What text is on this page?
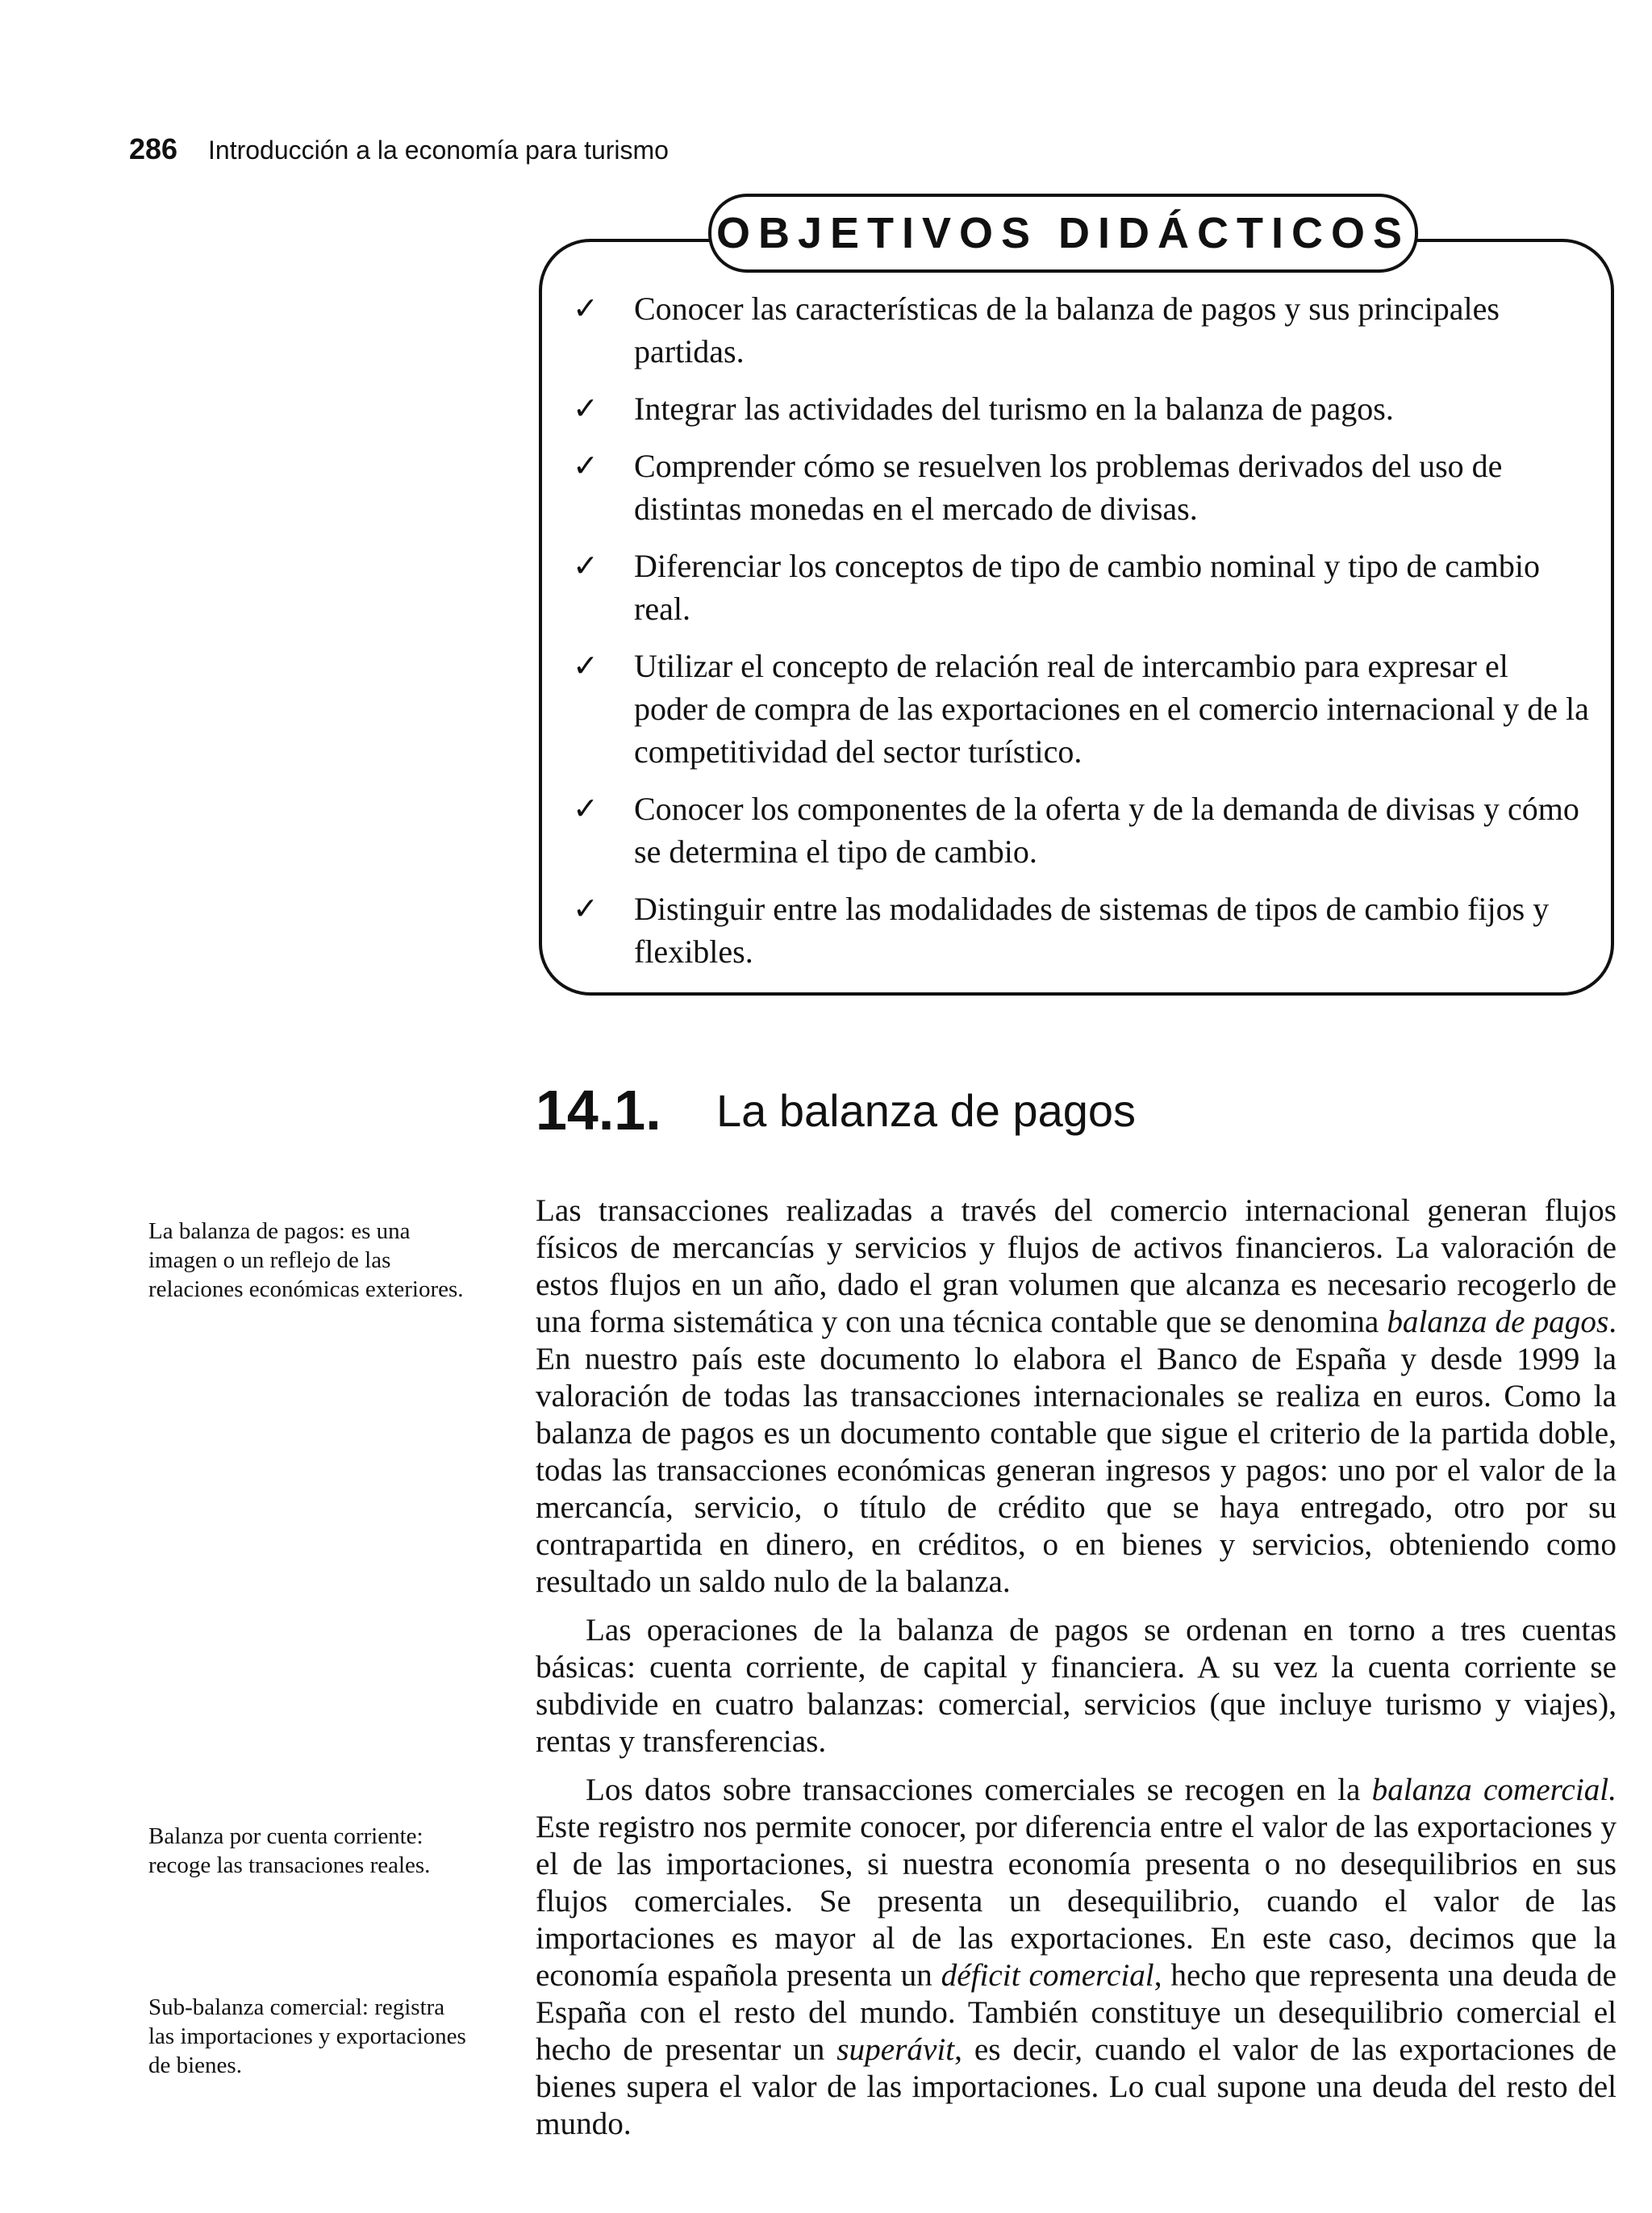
286 Introducción a la economía para turismo
OBJETIVOS DIDÁCTICOS
✓ Conocer las características de la balanza de pagos y sus principales partidas.
✓ Integrar las actividades del turismo en la balanza de pagos.
✓ Comprender cómo se resuelven los problemas derivados del uso de distintas monedas en el mercado de divisas.
✓ Diferenciar los conceptos de tipo de cambio nominal y tipo de cambio real.
✓ Utilizar el concepto de relación real de intercambio para expresar el poder de compra de las exportaciones en el comercio internacional y de la competitividad del sector turístico.
✓ Conocer los componentes de la oferta y de la demanda de divisas y cómo se determina el tipo de cambio.
✓ Distinguir entre las modalidades de sistemas de tipos de cambio fijos y flexibles.
14.1. La balanza de pagos
La balanza de pagos: es una imagen o un reflejo de las relaciones económicas exteriores.
Balanza por cuenta corriente: recoge las transaciones reales.
Sub-balanza comercial: registra las importaciones y exportaciones de bienes.

Las transacciones realizadas a través del comercio internacional generan flujos físicos de mercancías y servicios y flujos de activos financieros. La valoración de estos flujos en un año, dado el gran volumen que alcanza es necesario recogerlo de una forma sistemática y con una técnica contable que se denomina balanza de pagos. En nuestro país este documento lo elabora el Banco de España y desde 1999 la valoración de todas las transacciones internacionales se realiza en euros. Como la balanza de pagos es un documento contable que sigue el criterio de la partida doble, todas las transacciones económicas generan ingresos y pagos: uno por el valor de la mercancía, servicio, o título de crédito que se haya entregado, otro por su contrapartida en dinero, en créditos, o en bienes y servicios, obteniendo como resultado un saldo nulo de la balanza.

Las operaciones de la balanza de pagos se ordenan en torno a tres cuentas básicas: cuenta corriente, de capital y financiera. A su vez la cuenta corriente se subdivide en cuatro balanzas: comercial, servicios (que incluye turismo y viajes), rentas y transferencias.

Los datos sobre transacciones comerciales se recogen en la balanza comercial. Este registro nos permite conocer, por diferencia entre el valor de las exportaciones y el de las importaciones, si nuestra economía presenta o no desequilibrios en sus flujos comerciales. Se presenta un desequilibrio, cuando el valor de las importaciones es mayor al de las exportaciones. En este caso, decimos que la economía española presenta un déficit comercial, hecho que representa una deuda de España con el resto del mundo. También constituye un desequilibrio comercial el hecho de presentar un superávit, es decir, cuando el valor de las exportaciones de bienes supera el valor de las importaciones. Lo cual supone una deuda del resto del mundo.
